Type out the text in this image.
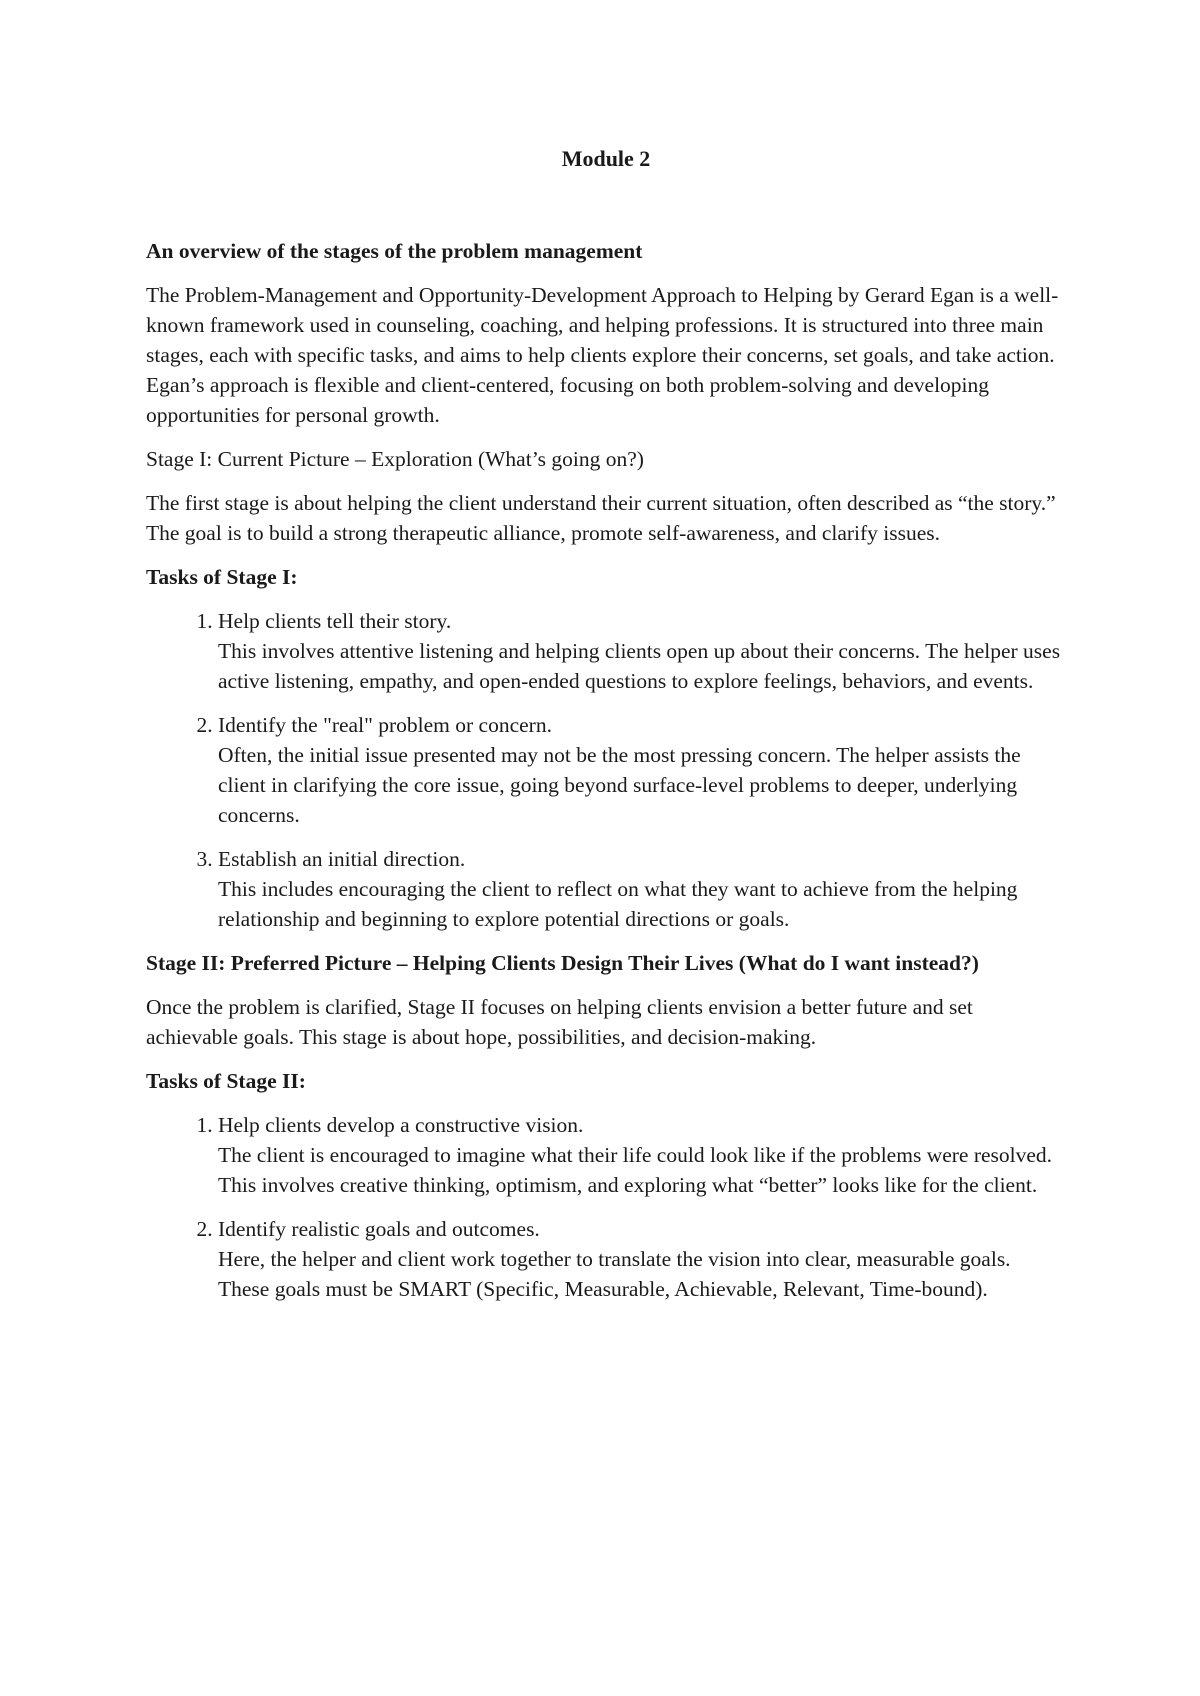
Module 2

An overview of the stages of the problem management

The Problem-Management and Opportunity-Development Approach to Helping by Gerard Egan is a well-known framework used in counseling, coaching, and helping professions. It is structured into three main stages, each with specific tasks, and aims to help clients explore their concerns, set goals, and take action. Egan’s approach is flexible and client-centered, focusing on both problem-solving and developing opportunities for personal growth.

Stage I: Current Picture – Exploration (What’s going on?)

The first stage is about helping the client understand their current situation, often described as “the story.” The goal is to build a strong therapeutic alliance, promote self-awareness, and clarify issues.

Tasks of Stage I:

1. Help clients tell their story.
This involves attentive listening and helping clients open up about their concerns. The helper uses active listening, empathy, and open-ended questions to explore feelings, behaviors, and events.
2. Identify the "real" problem or concern.
Often, the initial issue presented may not be the most pressing concern. The helper assists the client in clarifying the core issue, going beyond surface-level problems to deeper, underlying concerns.
3. Establish an initial direction.
This includes encouraging the client to reflect on what they want to achieve from the helping relationship and beginning to explore potential directions or goals.

Stage II: Preferred Picture – Helping Clients Design Their Lives (What do I want instead?)

Once the problem is clarified, Stage II focuses on helping clients envision a better future and set achievable goals. This stage is about hope, possibilities, and decision-making.

Tasks of Stage II:

1. Help clients develop a constructive vision.
The client is encouraged to imagine what their life could look like if the problems were resolved. This involves creative thinking, optimism, and exploring what “better” looks like for the client.
2. Identify realistic goals and outcomes.
Here, the helper and client work together to translate the vision into clear, measurable goals. These goals must be SMART (Specific, Measurable, Achievable, Relevant, Time-bound).
